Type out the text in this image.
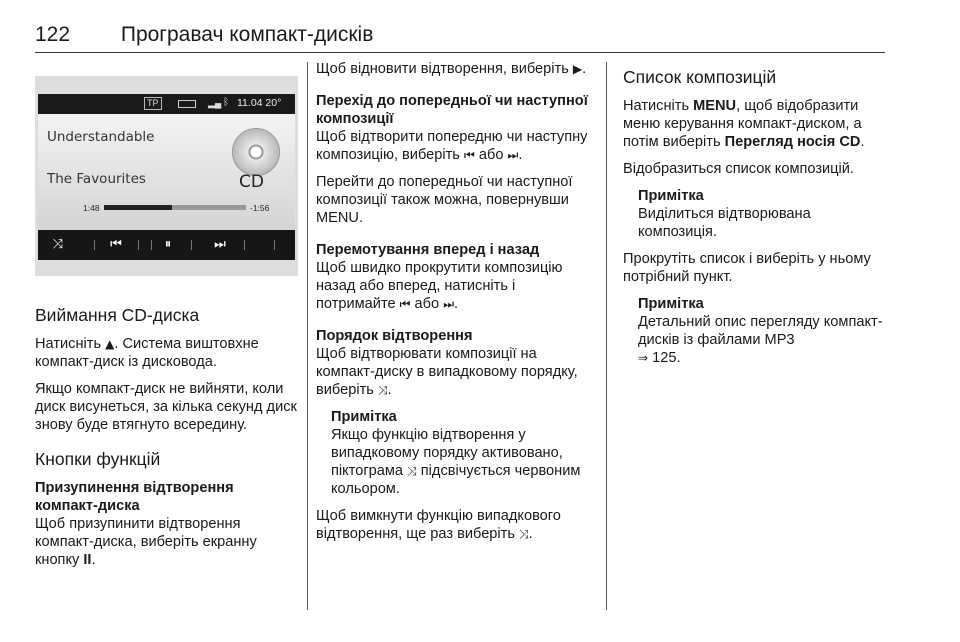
122 Програвач компакт-дисків
TP	▂▄ ᛒ 11.04 20°
Understandable
The Favourites	CD
1:48	-1:56
⤨	⏮	⏸	⏭
Виймання CD-диска

Натисніть ▲. Система виштовхне компакт-диск із дисковода.

Якщо компакт-диск не вийняти, коли диск висунеться, за кілька секунд диск знову буде втягнуто всередину.

Кнопки функцій

Призупинення відтворення компакт-диска

Щоб призупинити відтворення компакт-диска, виберіть екранну кнопку II.

Щоб відновити відтворення, виберіть ▶.

Перехід до попередньої чи наступної композиції

Щоб відтворити попередню чи наступну композицію, виберіть ⏮ або ⏭.

Перейти до попередньої чи наступної композиції також можна, повернувши MENU.

Перемотування вперед і назад

Щоб швидко прокрутити композицію назад або вперед, натисніть і потримайте ⏮ або ⏭.

Порядок відтворення

Щоб відтворювати композиції на компакт-диску в випадковому порядку, виберіть ⤨.

Примітка

Якщо функцію відтворення у випадковому порядку активовано, піктограма ⤨ підсвічується червоним кольором.

Щоб вимкнути функцію випадкового відтворення, ще раз виберіть ⤨.

Список композицій

Натисніть MENU, щоб відобразити меню керування компакт-диском, а потім виберіть Перегляд носія CD.

Відобразиться список композицій.

Примітка

Виділиться відтворювана композиція.

Прокрутіть список і виберіть у ньому потрібний пункт.

Примітка

Детальний опис перегляду компакт-дисків із файлами MP3
⇒ 125.
